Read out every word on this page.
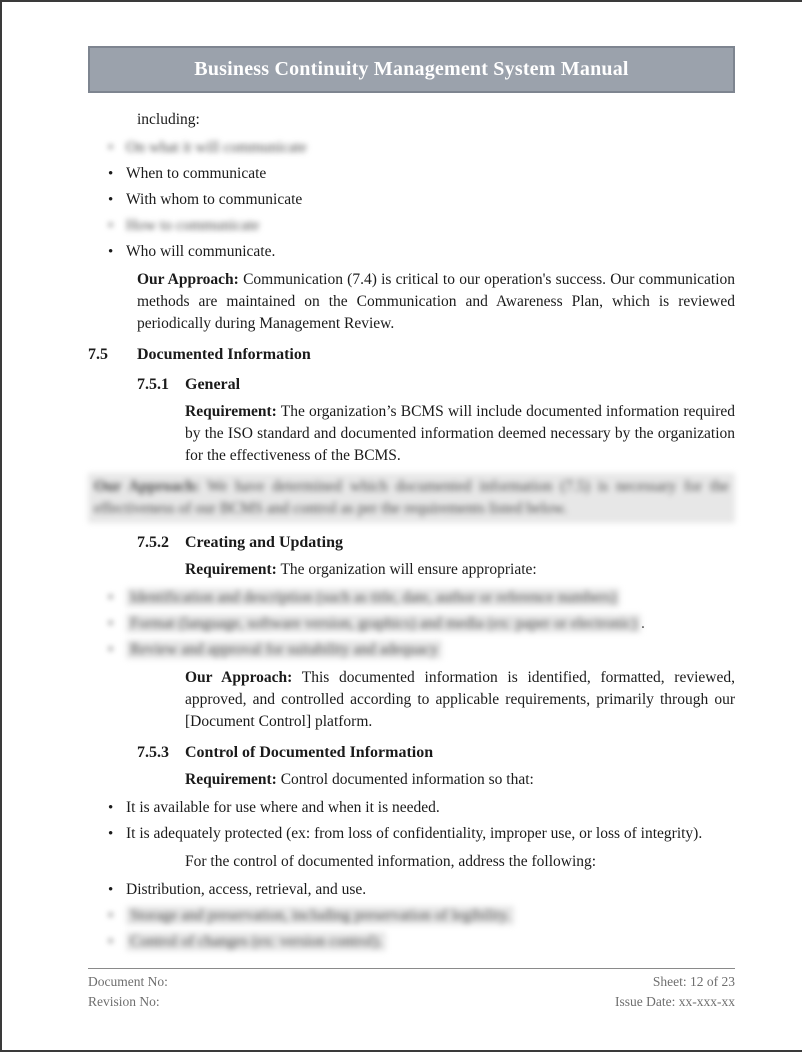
Business Continuity Management System Manual

including:

• On what it will communicate
• When to communicate
• With whom to communicate
• How to communicate
• Who will communicate.

Our Approach: Communication (7.4) is critical to our operation's success. Our communication methods are maintained on the Communication and Awareness Plan, which is reviewed periodically during Management Review.

7.5	Documented Information
7.5.1	General

Requirement: The organization’s BCMS will include documented information required by the ISO standard and documented information deemed necessary by the organization for the effectiveness of the BCMS.

Our Approach: We have determined which documented information (7.5) is necessary for the effectiveness of our BCMS and control as per the requirements listed below.

7.5.2	Creating and Updating

Requirement: The organization will ensure appropriate:

• Identification and description (such as title, date, author or reference numbers)
• Format (language, software version, graphics) and media (ex: paper or electronic) .
• Review and approval for suitability and adequacy

Our Approach: This documented information is identified, formatted, reviewed, approved, and controlled according to applicable requirements, primarily through our [Document Control] platform.

7.5.3	Control of Documented Information

Requirement: Control documented information so that:

• It is available for use where and when it is needed.
• It is adequately protected (ex: from loss of confidentiality, improper use, or loss of integrity).

For the control of documented information, address the following:

• Distribution, access, retrieval, and use.
• Storage and preservation, including preservation of legibility.
• Control of changes (ex: version control).
Document No:
Revision No:
Sheet: 12 of 23
Issue Date: xx-xxx-xx
